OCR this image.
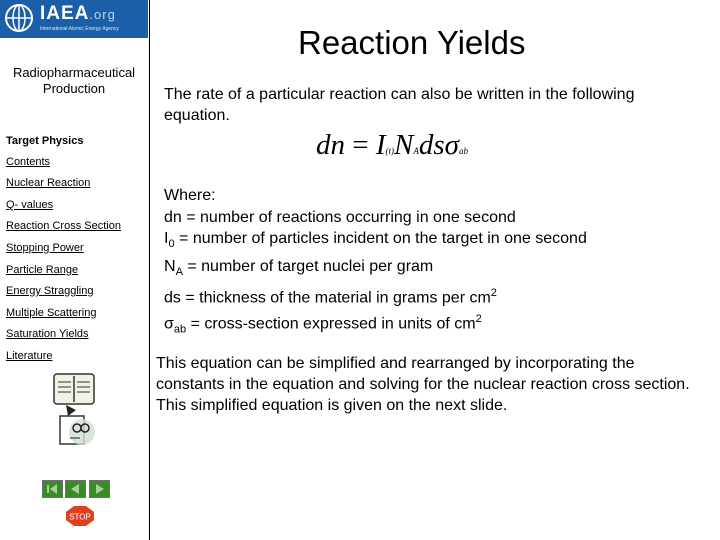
IAEA.org
International Atomic Energy Agency
Radiopharmaceutical
Production
Target Physics
Contents
Nuclear Reaction
Q- values
Reaction Cross Section
Stopping Power
Particle Range
Energy Straggling
Multiple Scattering
Saturation Yields
Literature
STOP
Reaction Yields
The rate of a particular reaction can also be written in the following equation.
dn = I(t)NAdsσab
Where:
dn = number of reactions occurring in one second
$I_0$ = number of particles incident on the target in one second
$N_A$ = number of target nuclei per gram
ds = thickness of the material in grams per $cm^2$
$\sigma_{ab}$ = cross-section expressed in units of $cm^2$
This equation can be simplified and rearranged by incorporating the constants in the equation and solving for the nuclear reaction cross section. This simplified equation is given on the next slide.
